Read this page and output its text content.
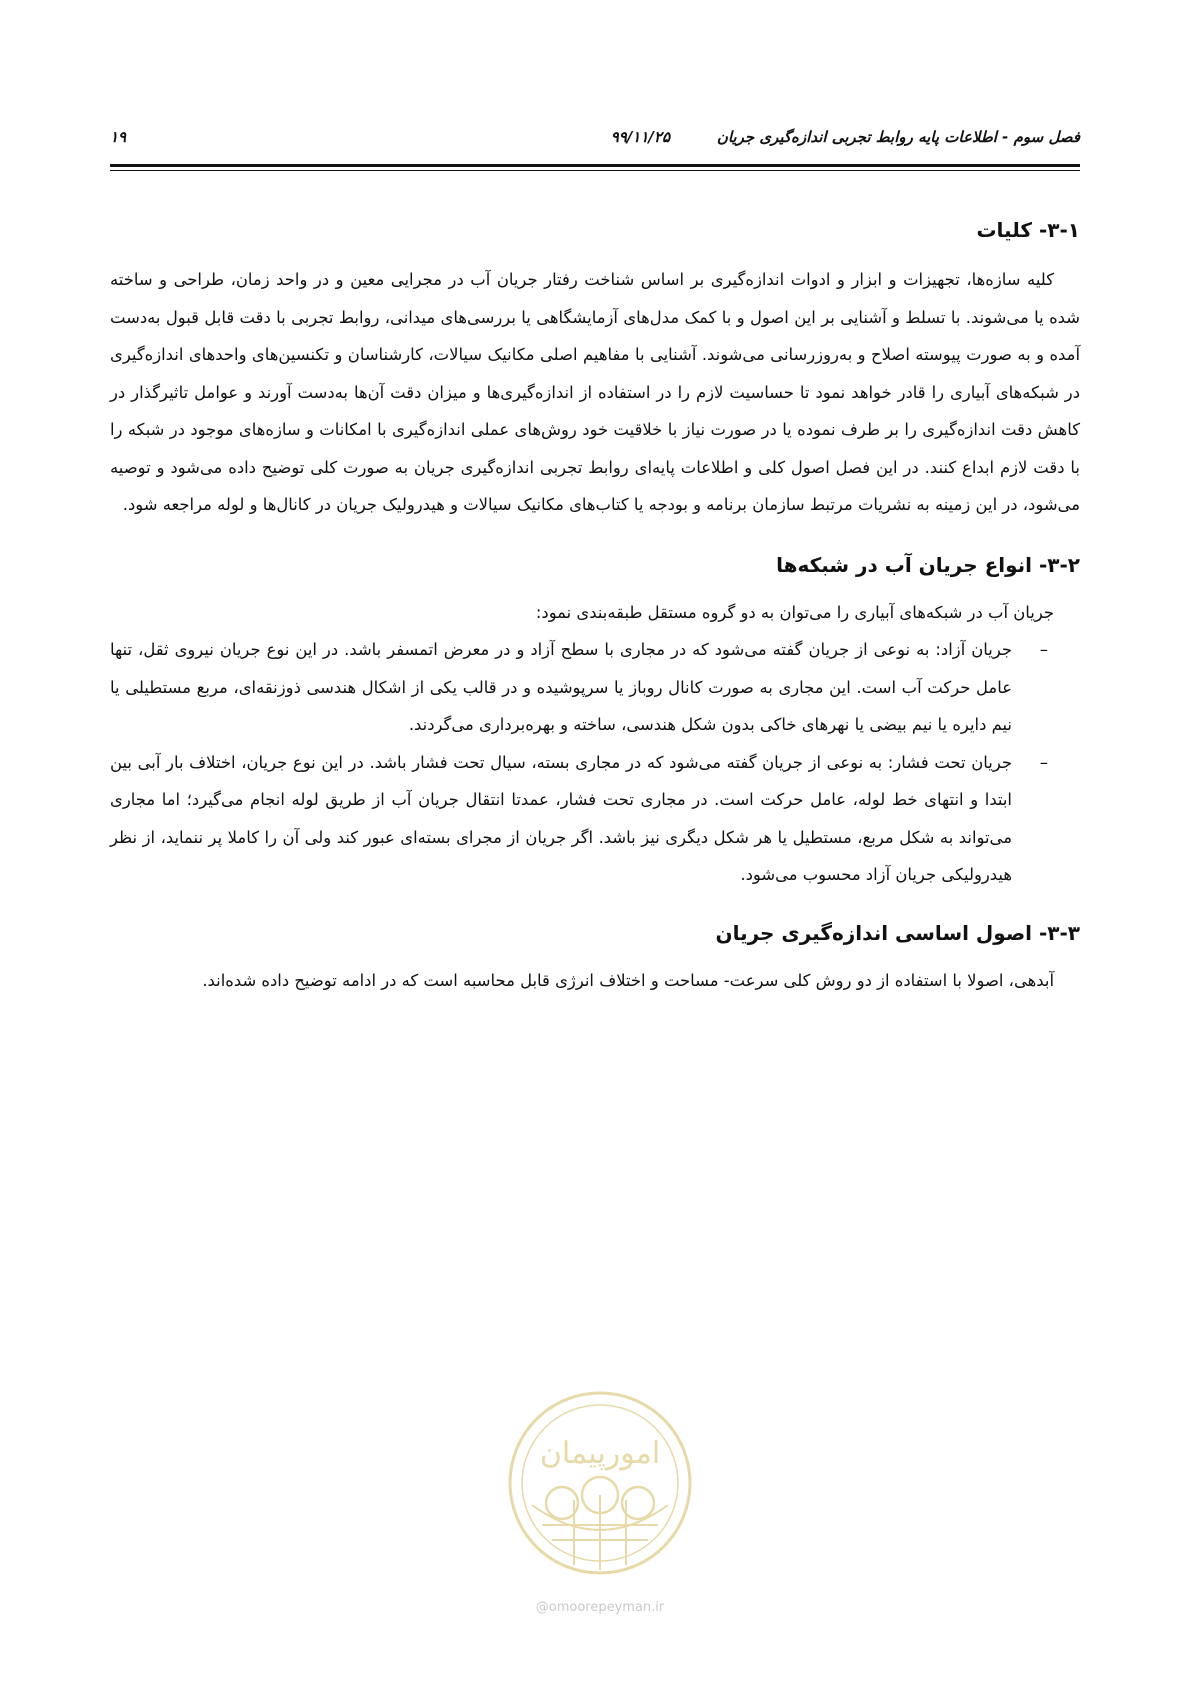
فصل سوم - اطلاعات پایه روابط تجربی اندازه‌گیری جریان
۹۹/۱۱/۲۵
۱۹
۳-۱- کلیات

کلیه سازه‌ها، تجهیزات و ابزار و ادوات اندازه‌گیری بر اساس شناخت رفتار جریان آب در مجرایی معین و در واحد زمان، طراحی و ساخته شده یا می‌شوند. با تسلط و آشنایی بر این اصول و با کمک مدل‌های آزمایشگاهی یا بررسی‌های میدانی، روابط تجربی با دقت قابل قبول به‌دست آمده و به صورت پیوسته اصلاح و به‌روزرسانی می‌شوند. آشنایی با مفاهیم اصلی مکانیک سیالات، کارشناسان و تکنسین‌های واحدهای اندازه‌گیری در شبکه‌های آبیاری را قادر خواهد نمود تا حساسیت لازم را در استفاده از اندازه‌گیری‌ها و میزان دقت آن‌ها به‌دست آورند و عوامل تاثیرگذار در کاهش دقت اندازه‌گیری را بر طرف نموده یا در صورت نیاز با خلاقیت خود روش‌های عملی اندازه‌گیری با امکانات و سازه‌های موجود در شبکه را با دقت لازم ابداع کنند. در این فصل اصول کلی و اطلاعات پایه‌ای روابط تجربی اندازه‌گیری جریان به صورت کلی توضیح داده می‌شود و توصیه می‌شود، در این زمینه به نشریات مرتبط سازمان برنامه و بودجه یا کتاب‌های مکانیک سیالات و هیدرولیک جریان در کانال‌ها و لوله مراجعه شود.

۳-۲- انواع جریان آب در شبکه‌ها

جریان آب در شبکه‌های آبیاری را می‌توان به دو گروه مستقل طبقه‌بندی نمود:

–
جریان آزاد: به نوعی از جریان گفته می‌شود که در مجاری با سطح آزاد و در معرض اتمسفر باشد. در این نوع جریان نیروی ثقل، تنها عامل حرکت آب است. این مجاری به صورت کانال روباز یا سرپوشیده و در قالب یکی از اشکال هندسی ذوزنقه‌ای، مربع مستطیلی یا نیم دایره یا نیم بیضی یا نهرهای خاکی بدون شکل هندسی، ساخته و بهره‌برداری می‌گردند.
–
جریان تحت فشار: به نوعی از جریان گفته می‌شود که در مجاری بسته، سیال تحت فشار باشد. در این نوع جریان، اختلاف بار آبی بین ابتدا و انتهای خط لوله، عامل حرکت است. در مجاری تحت فشار، عمدتا انتقال جریان آب از طریق لوله انجام می‌گیرد؛ اما مجاری می‌تواند به شکل مربع، مستطیل یا هر شکل دیگری نیز باشد. اگر جریان از مجرای بسته‌ای عبور کند ولی آن را کاملا پر ننماید، از نظر هیدرولیکی جریان آزاد محسوب می‌شود.
۳-۳- اصول اساسی اندازه‌گیری جریان

آبدهی، اصولا با استفاده از دو روش کلی سرعت- مساحت و اختلاف انرژی قابل محاسبه است که در ادامه توضیح داده شده‌اند.

امورپیمان
@omoorepeyman.ir
